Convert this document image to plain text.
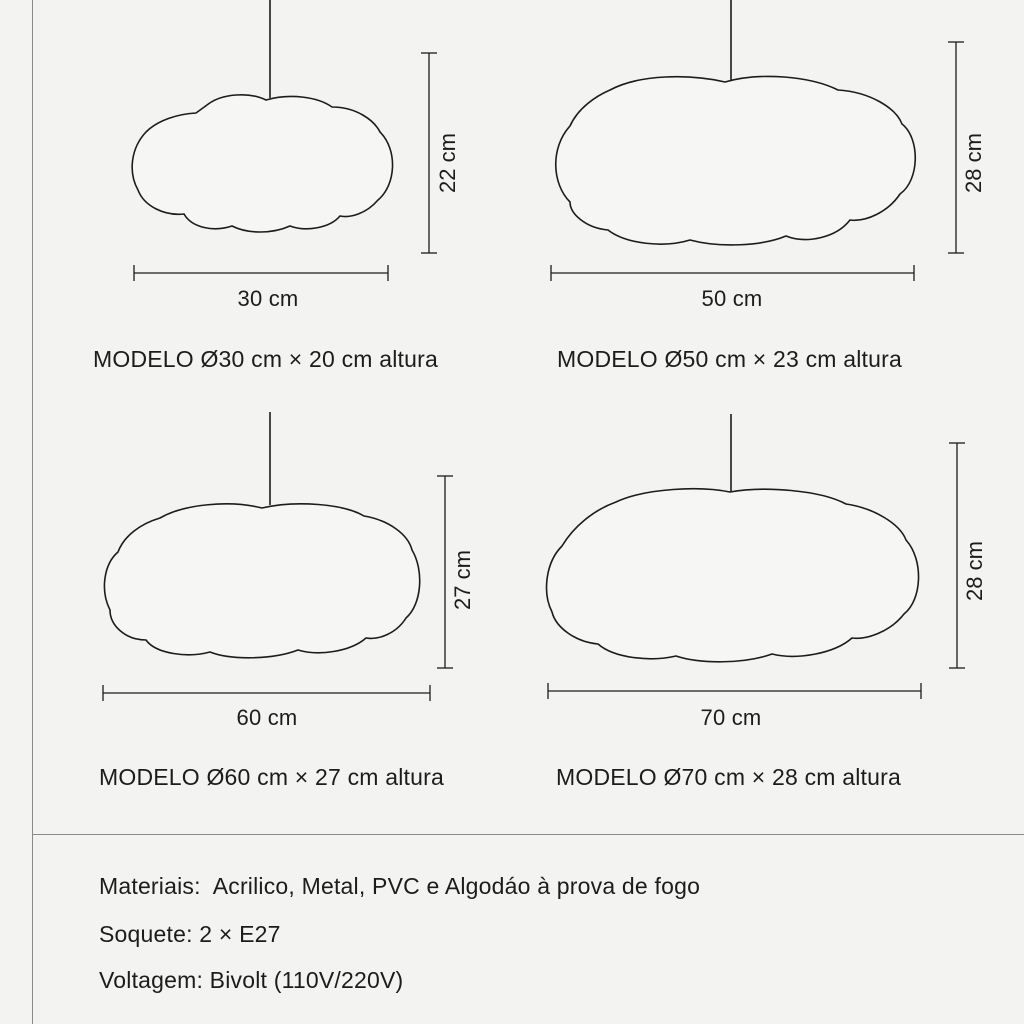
30 cm
22 cm
MODELO Ø30 cm × 20 cm altura
50 cm
28 cm
MODELO Ø50 cm × 23 cm altura
60 cm
27 cm
MODELO Ø60 cm × 27 cm altura
70 cm
28 cm
MODELO Ø70 cm × 28 cm altura
Materiais: Acrilico, Metal, PVC e Algodáo à prova de fogo
Soquete: 2 × E27
Voltagem: Bivolt (110V/220V)
